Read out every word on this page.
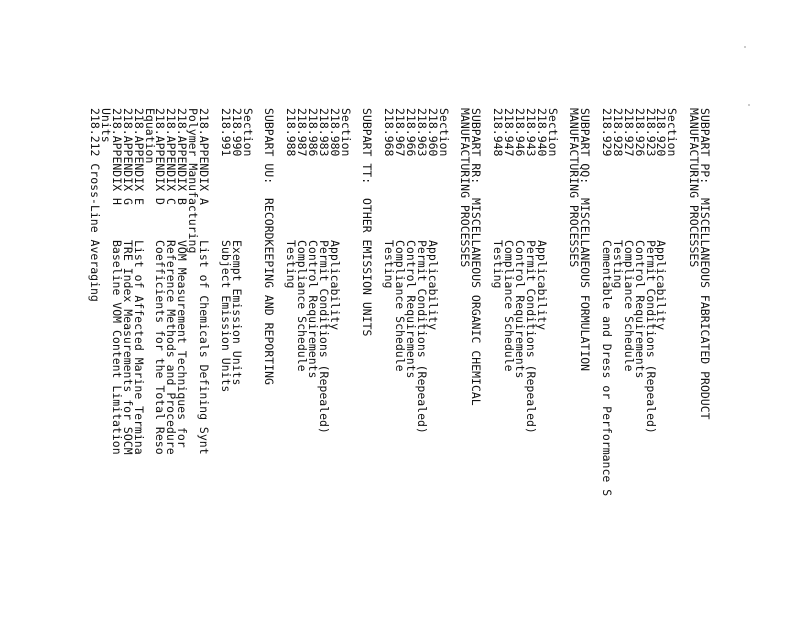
SUBPART PP:  MISCELLANEOUS FABRICATED PRODUCT
MANUFACTURING PROCESSES
Section
218.920Applicability
218.923Permit Conditions (Repealed)
218.926Control Requirements
218.927Compliance Schedule
218.928Testing
218.929Cementable and Dress or Performance S
SUBPART QQ:  MISCELLANEOUS FORMULATION
MANUFACTURING PROCESSES
Section
218.940Applicability
218.943Permit Conditions (Repealed)
218.946Control Requirements
218.947Compliance Schedule
218.948Testing
SUBPART RR:  MISCELLANEOUS ORGANIC CHEMICAL
MANUFACTURING PROCESSES
Section
218.960Applicability
218.963Permit Conditions (Repealed)
218.966Control Requirements
218.967Compliance Schedule
218.968Testing
SUBPART TT:  OTHER EMISSION UNITS
Section
218.980Applicability
218.983Permit Conditions (Repealed)
218.986Control Requirements
218.987Compliance Schedule
218.988Testing
SUBPART UU:  RECORDKEEPING AND REPORTING
Section
218.990Exempt Emission Units
218.991Subject Emission Units
218.APPENDIX AList of Chemicals Defining Synt
Polymer Manufacturing
218.APPENDIX BVOM Measurement Techniques for
218.APPENDIX CReference Methods and Procedure
218.APPENDIX DCoefficients for the Total Reso
Equation
218.APPENDIX EList of Affected Marine Termina
218.APPENDIX GTRE Index Measurements for SOCM
218.APPENDIX HBaseline VOM Content Limitation
Units
218.212 Cross-Line Averaging
